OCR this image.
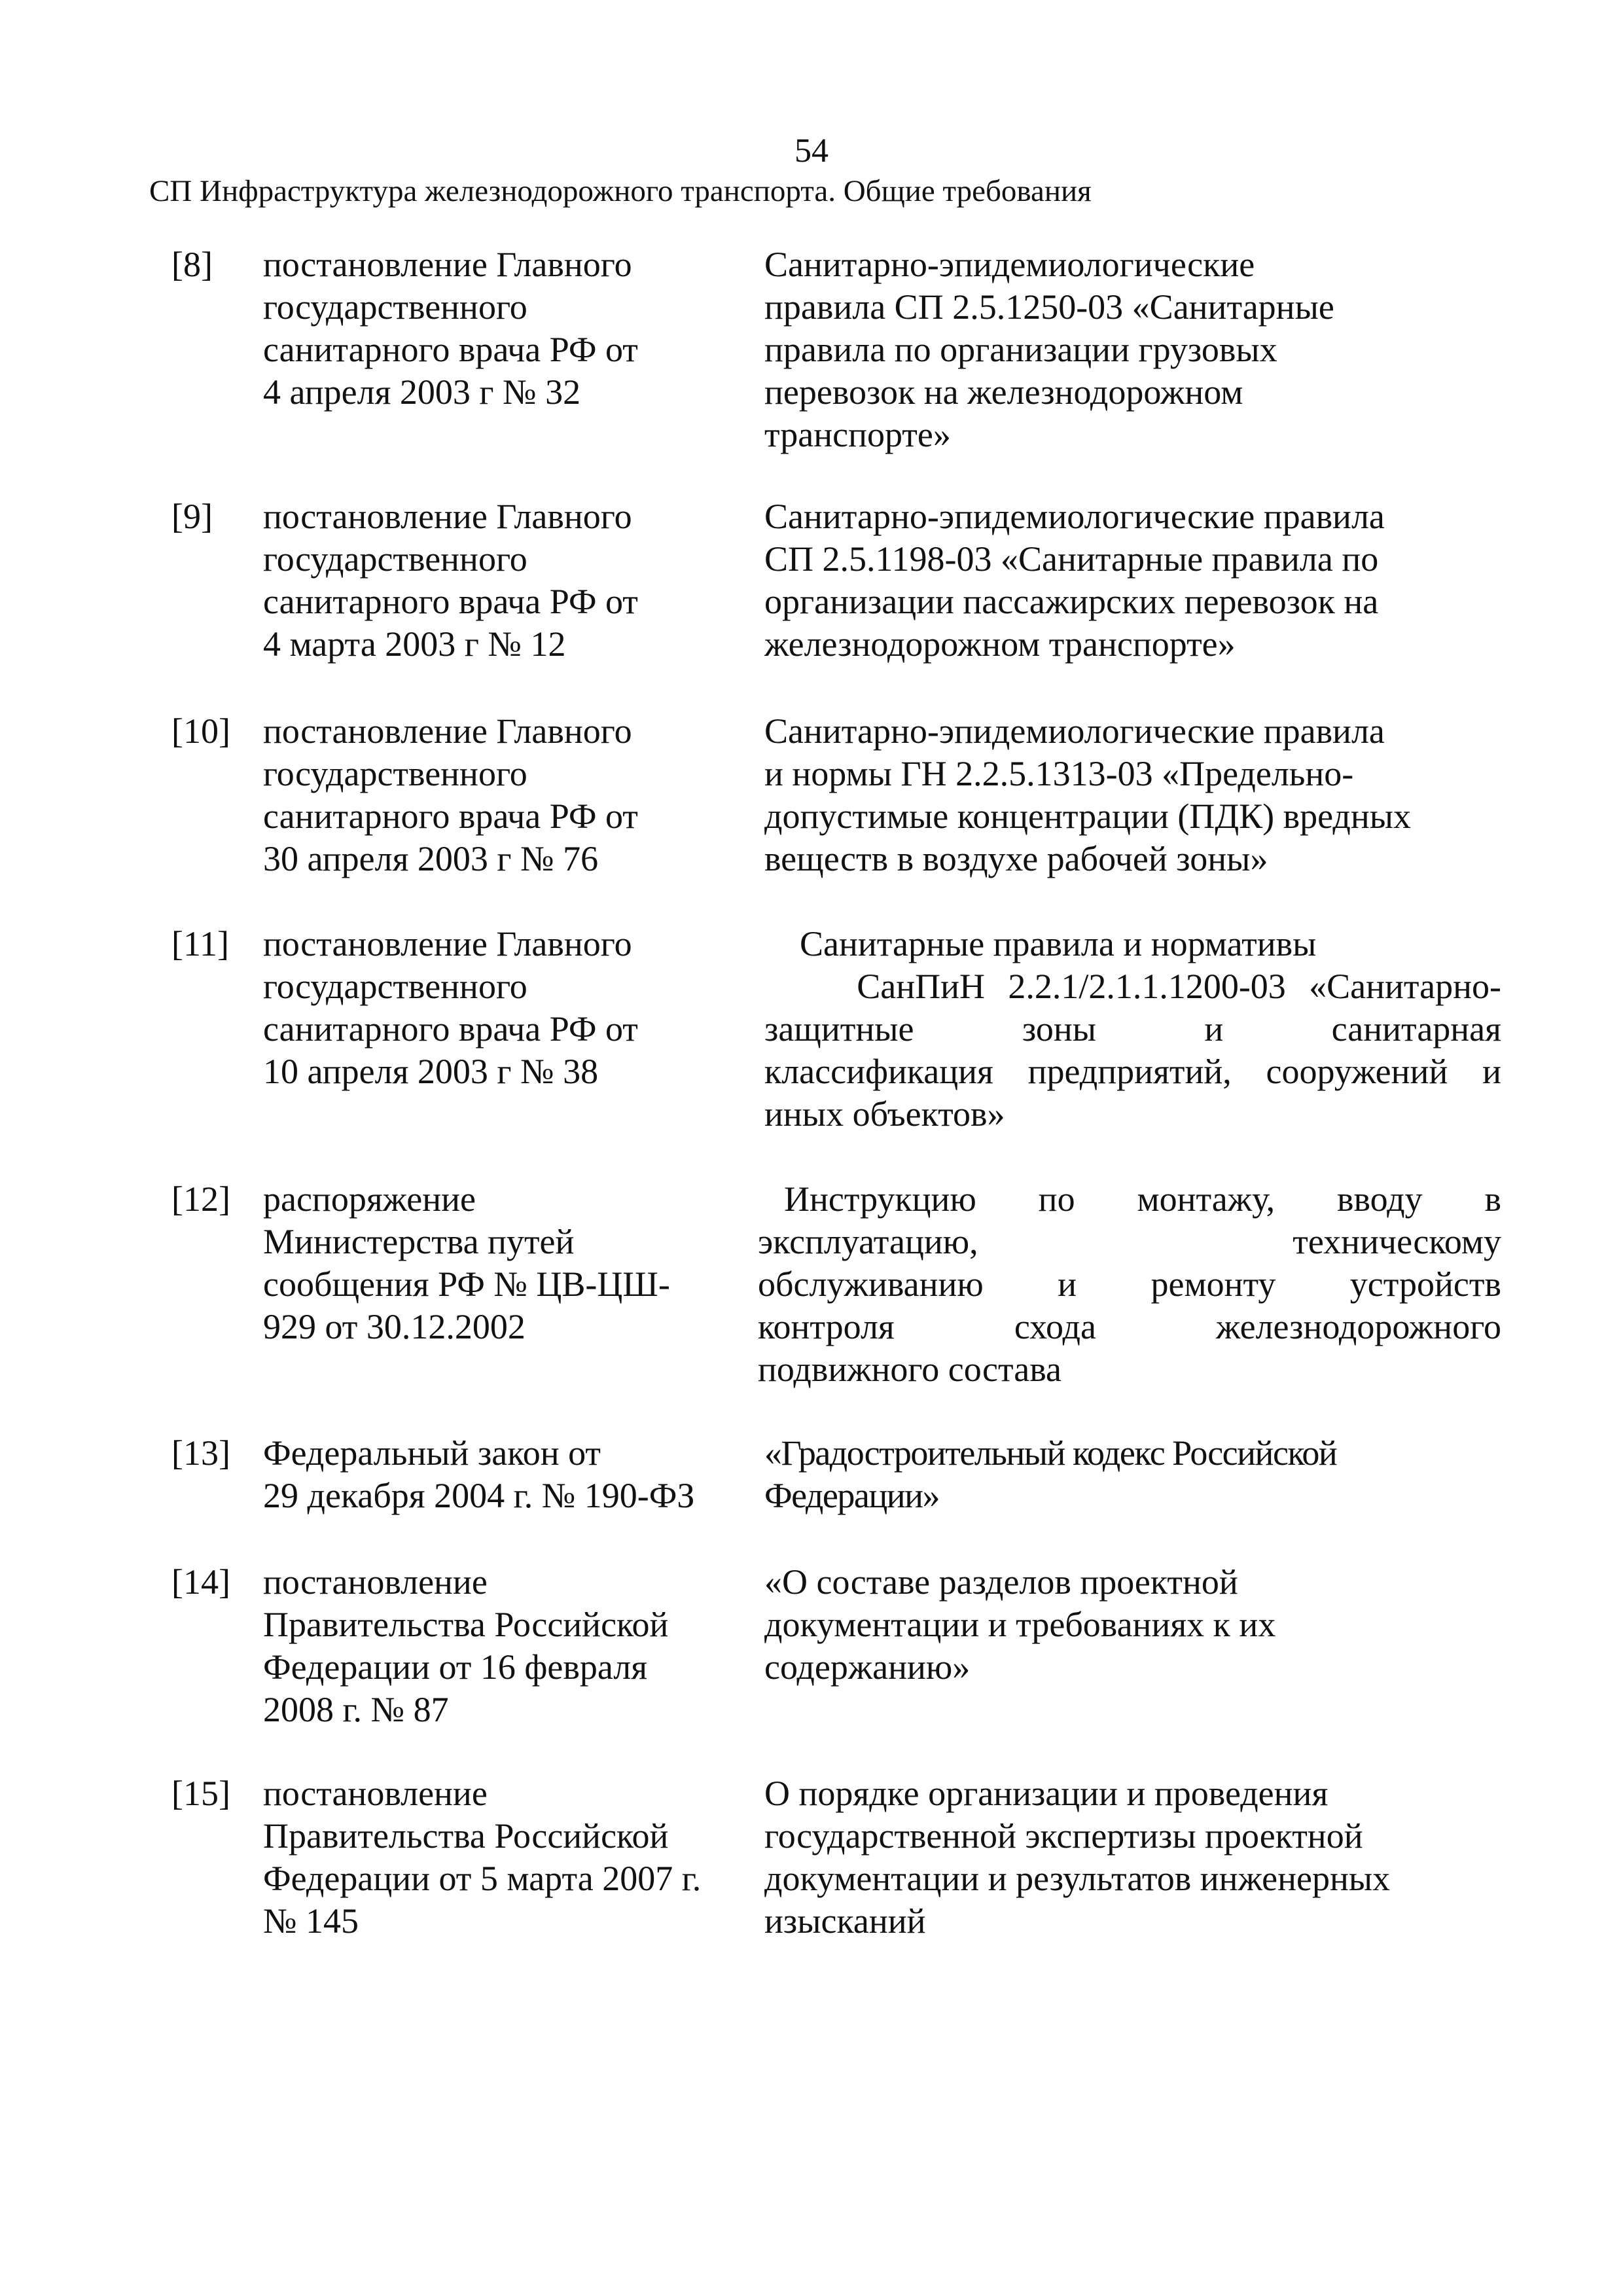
54
СП Инфраструктура железнодорожного транспорта. Общие требования
[8] постановление Главного
государственного
санитарного врача РФ от
4 апреля 2003 г № 32
Санитарно-эпидемиологические
правила СП 2.5.1250-03 «Санитарные
правила по организации грузовых
перевозок на железнодорожном
транспорте»
[9] постановление Главного
государственного
санитарного врача РФ от
4 марта 2003 г № 12
Санитарно-эпидемиологические правила
СП 2.5.1198-03 «Санитарные правила по
организации пассажирских перевозок на
железнодорожном транспорте»
[10] постановление Главного
государственного
санитарного врача РФ от
30 апреля 2003 г № 76
Санитарно-эпидемиологические правила
и нормы ГН 2.2.5.1313-03 «Предельно-
допустимые концентрации (ПДК) вредных
веществ в воздухе рабочей зоны»
[11] постановление Главного
государственного
санитарного врача РФ от
10 апреля 2003 г № 38
Санитарные правила и нормативы
СанПиН 2.2.1/2.1.1.1200-03 «Санитарно-
защитные зоны и санитарная
классификация предприятий, сооружений и
иных объектов»
[12] распоряжение
Министерства путей
сообщения РФ № ЦВ-ЦШ-
929 от 30.12.2002
Инструкцию по монтажу, вводу в
эксплуатацию, техническому
обслуживанию и ремонту устройств
контроля схода железнодорожного
подвижного состава
[13] Федеральный закон от
29 декабря 2004 г. № 190-ФЗ
«Градостроительный кодекс Российской
Федерации»
[14] постановление
Правительства Российской
Федерации от 16 февраля
2008 г. № 87
«О составе разделов проектной
документации и требованиях к их
содержанию»
[15] постановление
Правительства Российской
Федерации от 5 марта 2007 г.
№ 145
О порядке организации и проведения
государственной экспертизы проектной
документации и результатов инженерных
изысканий
